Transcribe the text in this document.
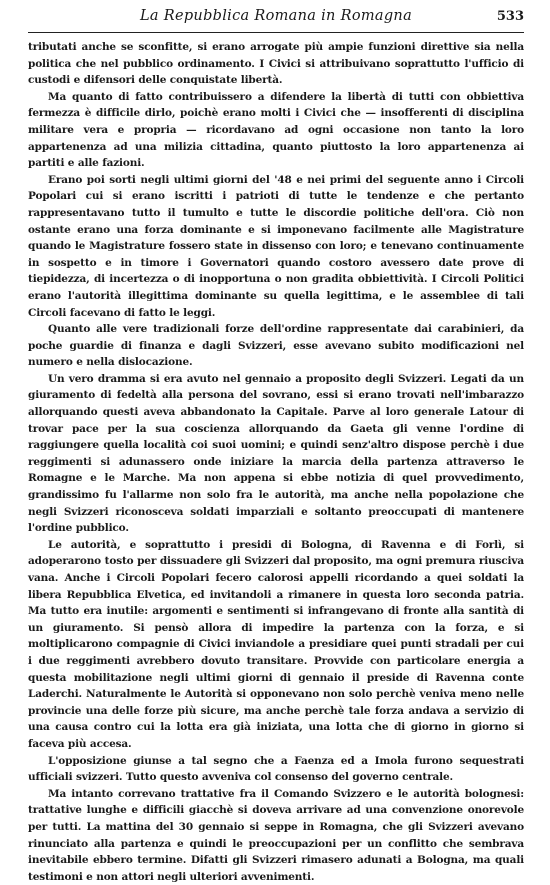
La Repubblica Romana in Romagna	533

tributati anche se sconfitte, si erano arrogate più ampie funzioni direttive sia nella politica che nel pubblico ordinamento. I Civici si attribuivano soprattutto l'ufficio di custodi e difensori delle conquistate libertà.

Ma quanto di fatto contribuissero a difendere la libertà di tutti con obbiettiva fermezza è difficile dirlo, poichè erano molti i Civici che — insofferenti di disciplina militare vera e propria — ricordavano ad ogni occasione non tanto la loro appartenenza ad una milizia cittadina, quanto piuttosto la loro appartenenza ai partiti e alle fazioni.

Erano poi sorti negli ultimi giorni del '48 e nei primi del seguente anno i Circoli Popolari cui si erano iscritti i patrioti di tutte le tendenze e che pertanto rappresentavano tutto il tumulto e tutte le discordie politiche dell'ora. Ciò non ostante erano una forza dominante e si imponevano facilmente alle Magistrature quando le Magistrature fossero state in dissenso con loro; e tenevano continuamente in sospetto e in timore i Governatori quando costoro avessero date prove di tiepidezza, di incertezza o di inopportuna o non gradita obbiettività. I Circoli Politici erano l'autorità illegittima dominante su quella legittima, e le assemblee di tali Circoli facevano di fatto le leggi.

Quanto alle vere tradizionali forze dell'ordine rappresentate dai carabinieri, da poche guardie di finanza e dagli Svizzeri, esse avevano subito modificazioni nel numero e nella dislocazione.

Un vero dramma si era avuto nel gennaio a proposito degli Svizzeri. Legati da un giuramento di fedeltà alla persona del sovrano, essi si erano trovati nell'imbarazzo allorquando questi aveva abbandonato la Capitale. Parve al loro generale Latour di trovar pace per la sua coscienza allorquando da Gaeta gli venne l'ordine di raggiungere quella località coi suoi uomini; e quindi senz'altro dispose perchè i due reggimenti si adunassero onde iniziare la marcia della partenza attraverso le Romagne e le Marche. Ma non appena si ebbe notizia di quel provvedimento, grandissimo fu l'allarme non solo fra le autorità, ma anche nella popolazione che negli Svizzeri riconosceva soldati imparziali e soltanto preoccupati di mantenere l'ordine pubblico.

Le autorità, e soprattutto i presidi di Bologna, di Ravenna e di Forlì, si adoperarono tosto per dissuadere gli Svizzeri dal proposito, ma ogni premura riusciva vana. Anche i Circoli Popolari fecero calorosi appelli ricordando a quei soldati la libera Repubblica Elvetica, ed invitandoli a rimanere in questa loro seconda patria. Ma tutto era inutile: argomenti e sentimenti si infrangevano di fronte alla santità di un giuramento. Si pensò allora di impedire la partenza con la forza, e si moltiplicarono compagnie di Civici inviandole a presidiare quei punti stradali per cui i due reggimenti avrebbero dovuto transitare. Provvide con particolare energia a questa mobilitazione negli ultimi giorni di gennaio il preside di Ravenna conte Laderchi. Naturalmente le Autorità si opponevano non solo perchè veniva meno nelle provincie una delle forze più sicure, ma anche perchè tale forza andava a servizio di una causa contro cui la lotta era già iniziata, una lotta che di giorno in giorno si faceva più accesa.

L'opposizione giunse a tal segno che a Faenza ed a Imola furono sequestrati ufficiali svizzeri. Tutto questo avveniva col consenso del governo centrale.

Ma intanto correvano trattative fra il Comando Svizzero e le autorità bolognesi: trattative lunghe e difficili giacchè si doveva arrivare ad una convenzione onorevole per tutti. La mattina del 30 gennaio si seppe in Romagna, che gli Svizzeri avevano rinunciato alla partenza e quindi le preoccupazioni per un conflitto che sembrava inevitabile ebbero termine. Difatti gli Svizzeri rimasero adunati a Bologna, ma quali testimoni e non attori negli ulteriori avvenimenti.
